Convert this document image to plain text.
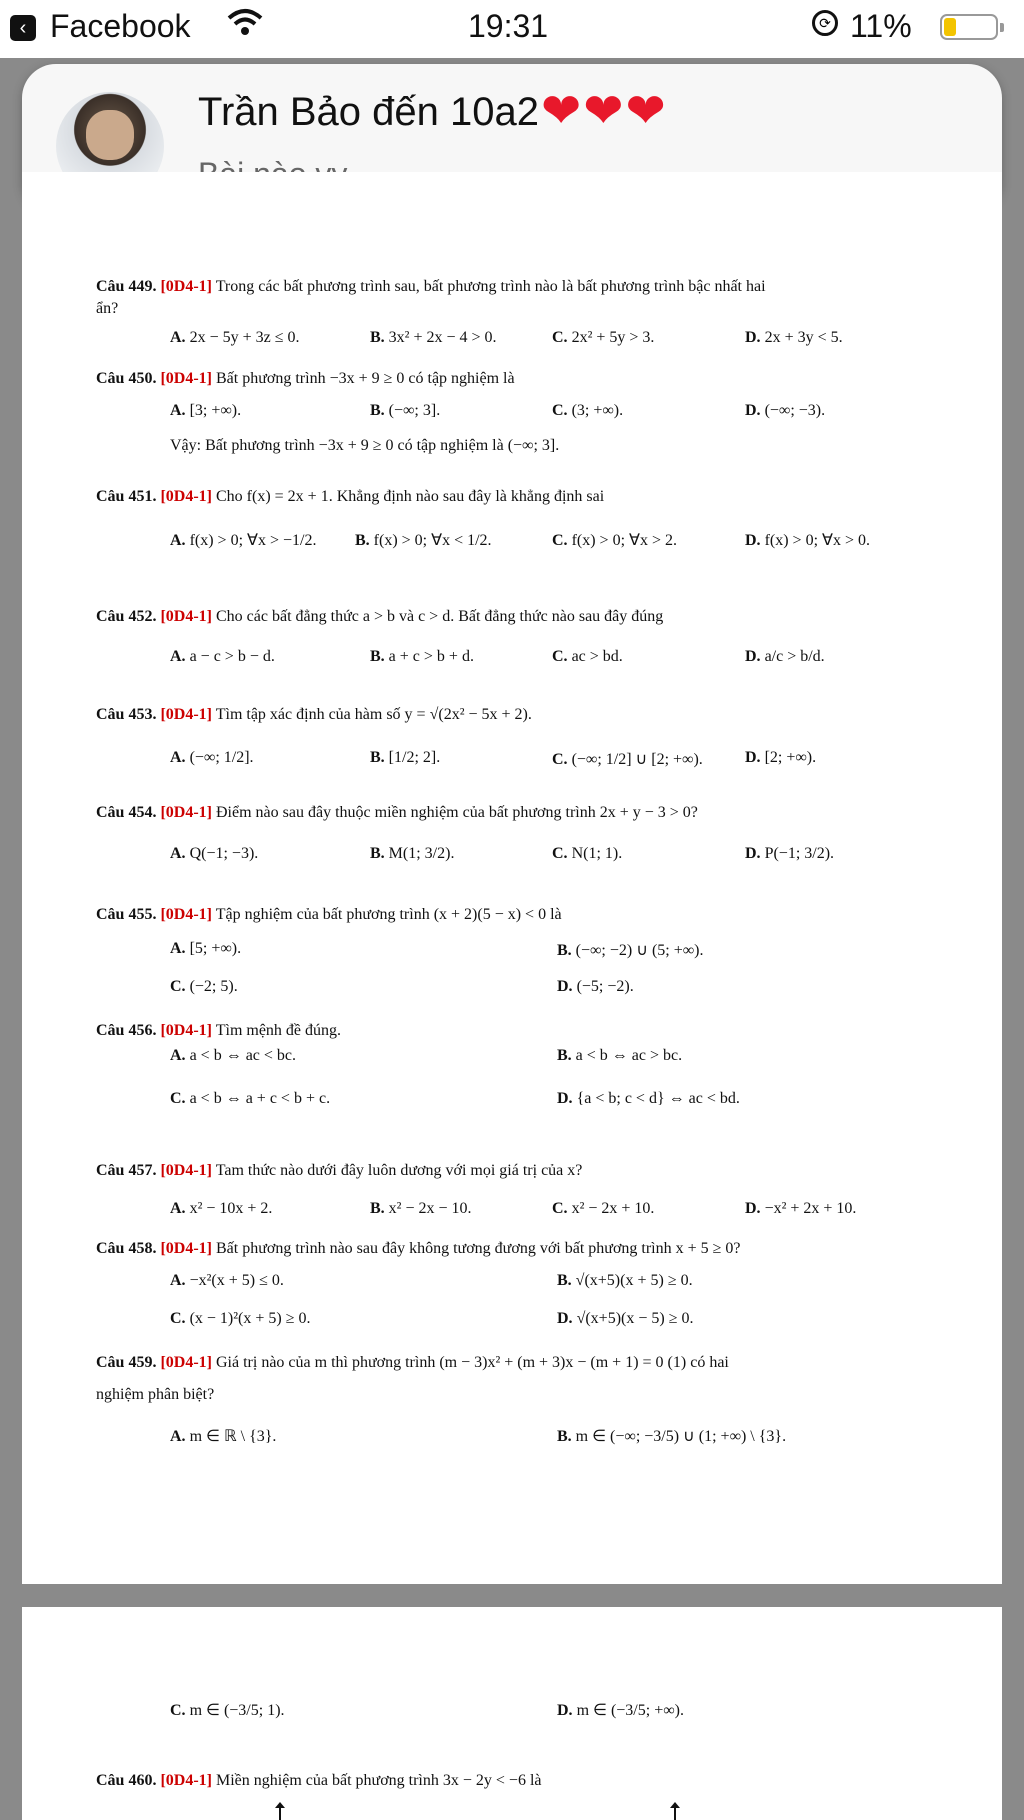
‹ Facebook	19:31	⟳ 11%
Trần Bảo đến 10a2 ❤ ❤ ❤
Câu 449. [0D4-1] Trong các bất phương trình sau, bất phương trình nào là bất phương trình bậc nhất hai
ẩn?
A. 2x − 5y + 3z ≤ 0.	B. 3x² + 2x − 4 > 0.	C. 2x² + 5y > 3.	D. 2x + 3y < 5.
Câu 450. [0D4-1] Bất phương trình −3x + 9 ≥ 0 có tập nghiệm là
A. [3; +∞).	B. (−∞; 3].	C. (3; +∞).	D. (−∞; −3).
Vậy: Bất phương trình −3x + 9 ≥ 0 có tập nghiệm là (−∞; 3].
Câu 451. [0D4-1] Cho f(x) = 2x + 1. Khẳng định nào sau đây là khẳng định sai
A. f(x) > 0; ∀x > −1/2. B. f(x) > 0; ∀x < 1/2.	C. f(x) > 0; ∀x > 2.	D. f(x) > 0; ∀x > 0.
Câu 452. [0D4-1] Cho các bất đẳng thức a > b và c > d. Bất đẳng thức nào sau đây đúng
A. a − c > b − d.	B. a + c > b + d.	C. ac > bd.	D. a/c > b/d.
Câu 453. [0D4-1] Tìm tập xác định của hàm số y = √(2x² − 5x + 2).
A. (−∞; 1/2].	B. [1/2; 2].	C. (−∞; 1/2] ∪ [2; +∞).	D. [2; +∞).
Câu 454. [0D4-1] Điểm nào sau đây thuộc miền nghiệm của bất phương trình 2x + y − 3 > 0?
A. Q(−1; −3).	B. M(1; 3/2).	C. N(1; 1).	D. P(−1; 3/2).
Câu 455. [0D4-1] Tập nghiệm của bất phương trình (x + 2)(5 − x) < 0 là
A. [5; +∞).	B. (−∞; −2) ∪ (5; +∞).
C. (−2; 5).	D. (−5; −2).
Câu 456. [0D4-1] Tìm mệnh đề đúng.
A. a < b ⇔ ac < bc.	B. a < b ⇔ ac > bc.
C. a < b ⇔ a + c < b + c.	D. {a < b; c < d} ⇔ ac < bd.
Câu 457. [0D4-1] Tam thức nào dưới đây luôn dương với mọi giá trị của x?
A. x² − 10x + 2.	B. x² − 2x − 10.	C. x² − 2x + 10.	D. −x² + 2x + 10.
Câu 458. [0D4-1] Bất phương trình nào sau đây không tương đương với bất phương trình x + 5 ≥ 0?
A. −x²(x + 5) ≤ 0.	B. √(x+5)(x + 5) ≥ 0.
C. (x − 1)²(x + 5) ≥ 0.	D. √(x+5)(x − 5) ≥ 0.
Câu 459. [0D4-1] Giá trị nào của m thì phương trình (m − 3)x² + (m + 3)x − (m + 1) = 0 (1) có hai
nghiệm phân biệt?
A. m ∈ ℝ \ {3}.	B. m ∈ (−∞; −3/5) ∪ (1; +∞) \ {3}.
C. m ∈ (−3/5; 1).	D. m ∈ (−3/5; +∞).
Câu 460. [0D4-1] Miền nghiệm của bất phương trình 3x − 2y < −6 là
